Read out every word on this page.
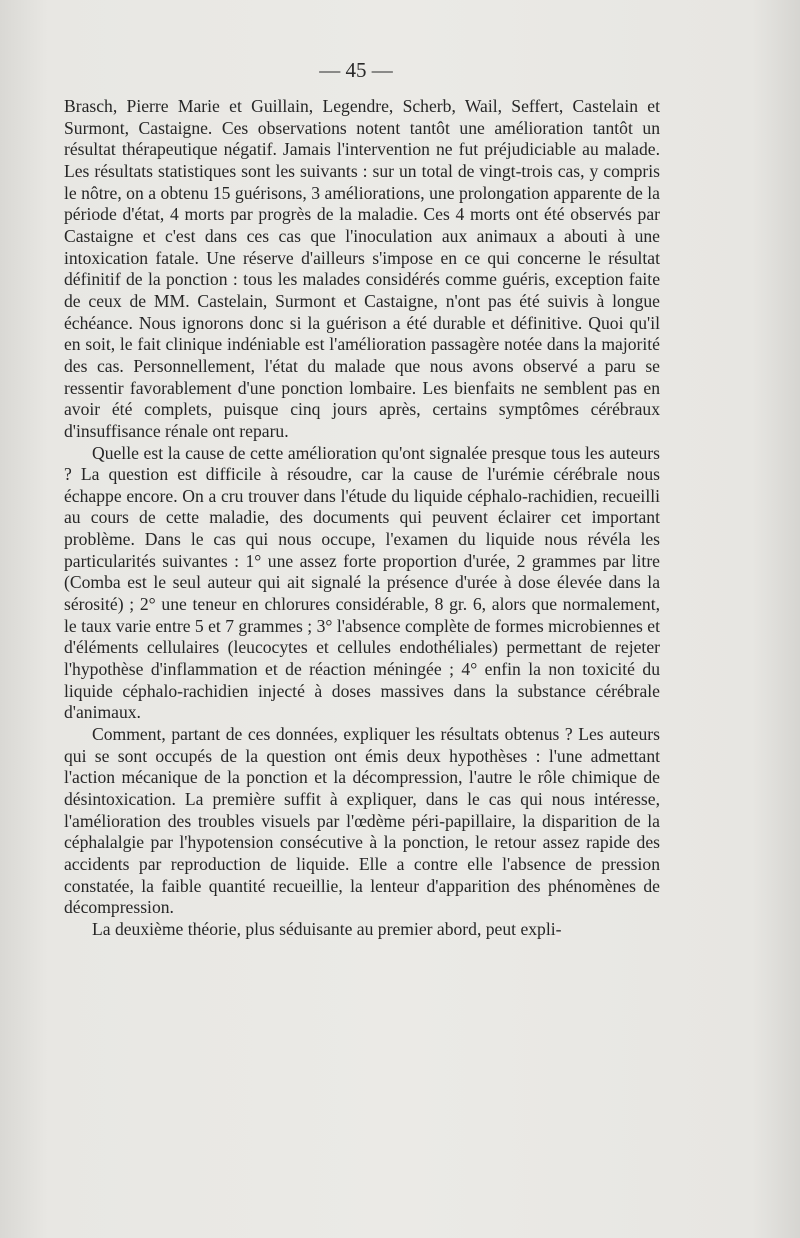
— 45 —

Brasch, Pierre Marie et Guillain, Legendre, Scherb, Wail, Seffert, Castelain et Surmont, Castaigne. Ces observations notent tantôt une amélioration tantôt un résultat thérapeutique négatif. Jamais l'intervention ne fut préjudiciable au malade. Les résultats statistiques sont les suivants : sur un total de vingt-trois cas, y compris le nôtre, on a obtenu 15 guérisons, 3 améliorations, une prolongation apparente de la période d'état, 4 morts par progrès de la maladie. Ces 4 morts ont été observés par Castaigne et c'est dans ces cas que l'inoculation aux animaux a abouti à une intoxication fatale. Une réserve d'ailleurs s'impose en ce qui concerne le résultat définitif de la ponction : tous les malades considérés comme guéris, exception faite de ceux de MM. Castelain, Surmont et Castaigne, n'ont pas été suivis à longue échéance. Nous ignorons donc si la guérison a été durable et définitive. Quoi qu'il en soit, le fait clinique indéniable est l'amélioration passagère notée dans la majorité des cas. Personnellement, l'état du malade que nous avons observé a paru se ressentir favorablement d'une ponction lombaire. Les bienfaits ne semblent pas en avoir été complets, puisque cinq jours après, certains symptômes cérébraux d'insuffisance rénale ont reparu.

Quelle est la cause de cette amélioration qu'ont signalée presque tous les auteurs ? La question est difficile à résoudre, car la cause de l'urémie cérébrale nous échappe encore. On a cru trouver dans l'étude du liquide céphalo-rachidien, recueilli au cours de cette maladie, des documents qui peuvent éclairer cet important problème. Dans le cas qui nous occupe, l'examen du liquide nous révéla les particularités suivantes : 1° une assez forte proportion d'urée, 2 grammes par litre (Comba est le seul auteur qui ait signalé la présence d'urée à dose élevée dans la sérosité) ; 2° une teneur en chlorures considérable, 8 gr. 6, alors que normalement, le taux varie entre 5 et 7 grammes ; 3° l'absence complète de formes microbiennes et d'éléments cellulaires (leucocytes et cellules endothéliales) permettant de rejeter l'hypothèse d'inflammation et de réaction méningée ; 4° enfin la non toxicité du liquide céphalo-rachidien injecté à doses massives dans la substance cérébrale d'animaux.

Comment, partant de ces données, expliquer les résultats obtenus ? Les auteurs qui se sont occupés de la question ont émis deux hypothèses : l'une admettant l'action mécanique de la ponction et la décompression, l'autre le rôle chimique de désintoxication. La première suffit à expliquer, dans le cas qui nous intéresse, l'amélioration des troubles visuels par l'œdème péri-papillaire, la disparition de la céphalalgie par l'hypotension consécutive à la ponction, le retour assez rapide des accidents par reproduction de liquide. Elle a contre elle l'absence de pression constatée, la faible quantité recueillie, la lenteur d'apparition des phénomènes de décompression.

La deuxième théorie, plus séduisante au premier abord, peut expli-
